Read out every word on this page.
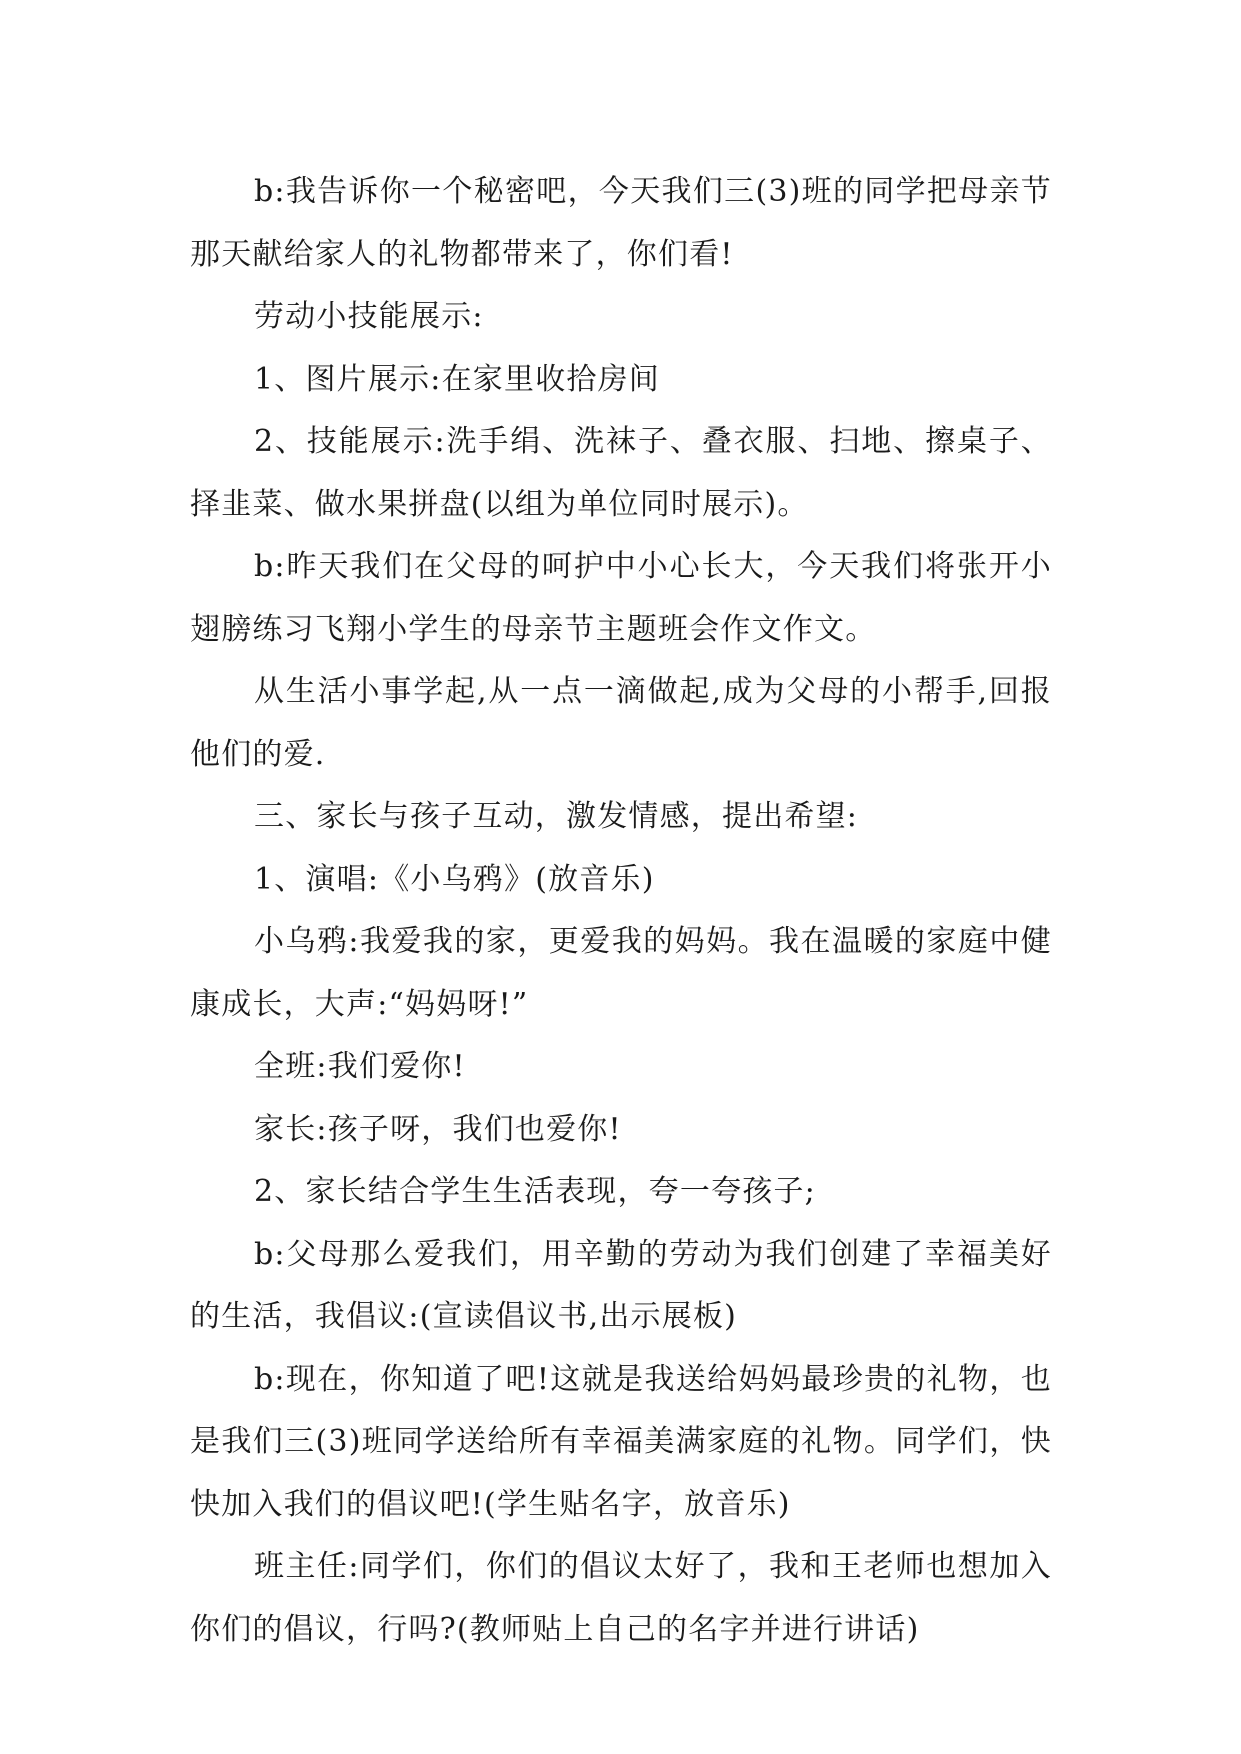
b:我告诉你一个秘密吧，今天我们三(3)班的同学把母亲节那天献给家人的礼物都带来了，你们看!

劳动小技能展示:

1、图片展示:在家里收拾房间

2、技能展示:洗手绢、洗袜子、叠衣服、扫地、擦桌子、择韭菜、做水果拼盘(以组为单位同时展示)。

b:昨天我们在父母的呵护中小心长大，今天我们将张开小翅膀练习飞翔小学生的母亲节主题班会作文作文。

从生活小事学起,从一点一滴做起,成为父母的小帮手,回报他们的爱.

三、家长与孩子互动，激发情感，提出希望:

1、演唱:《小乌鸦》(放音乐)

小乌鸦:我爱我的家，更爱我的妈妈。我在温暖的家庭中健康成长，大声:“妈妈呀!”

全班:我们爱你!

家长:孩子呀，我们也爱你!

2、家长结合学生生活表现，夸一夸孩子;

b:父母那么爱我们，用辛勤的劳动为我们创建了幸福美好的生活，我倡议:(宣读倡议书,出示展板)

b:现在，你知道了吧!这就是我送给妈妈最珍贵的礼物，也是我们三(3)班同学送给所有幸福美满家庭的礼物。同学们，快快加入我们的倡议吧!(学生贴名字，放音乐)

班主任:同学们，你们的倡议太好了，我和王老师也想加入你们的倡议，行吗?(教师贴上自己的名字并进行讲话)
